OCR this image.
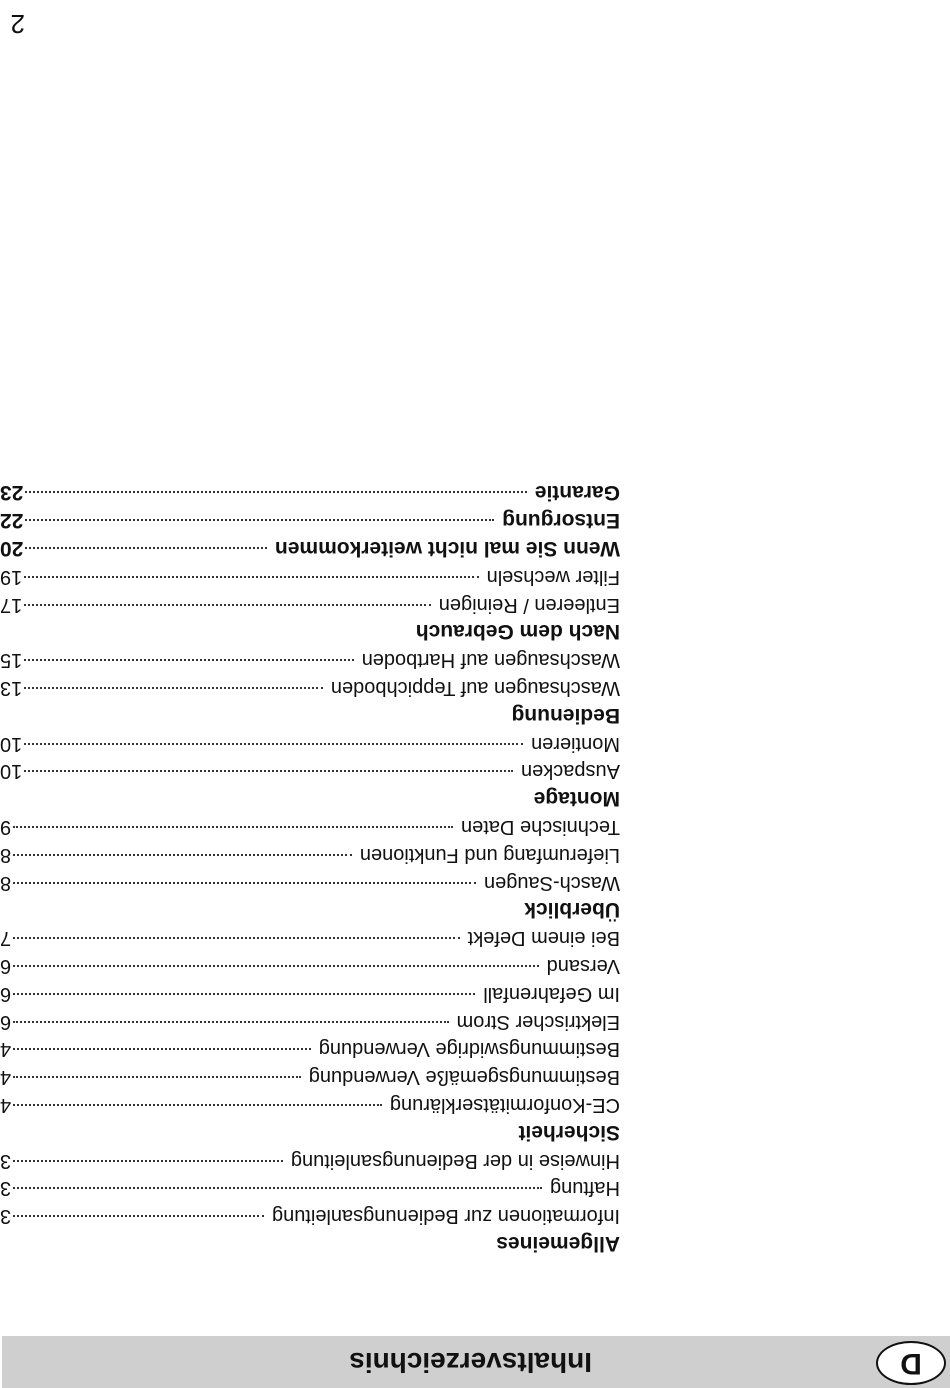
2
D
Inhaltsverzeichnis
Allgemeines
Informationen zur Bedienungsanleitung
3
Haftung
3
Hinweise in der Bedienungsanleitung
3
Sicherheit
CE-Konformitätserklärung
4
Bestimmungsgemäße Verwendung
4
Bestimmungswidrige Verwendung
4
Elektrischer Strom
6
Im Gefahrenfall
6
Versand
6
Bei einem Defekt
7
Überblick
Wasch-Saugen
8
Lieferumfang und Funktionen
8
Technische Daten
9
Montage
Auspacken
10
Montieren
10
Bedienung
Waschsaugen auf Teppichboden
13
Waschsaugen auf Hartboden
15
Nach dem Gebrauch
Entleeren / Reinigen
17
Filter wechseln
19
Wenn Sie mal nicht weiterkommen
20
Entsorgung
22
Garantie
23
